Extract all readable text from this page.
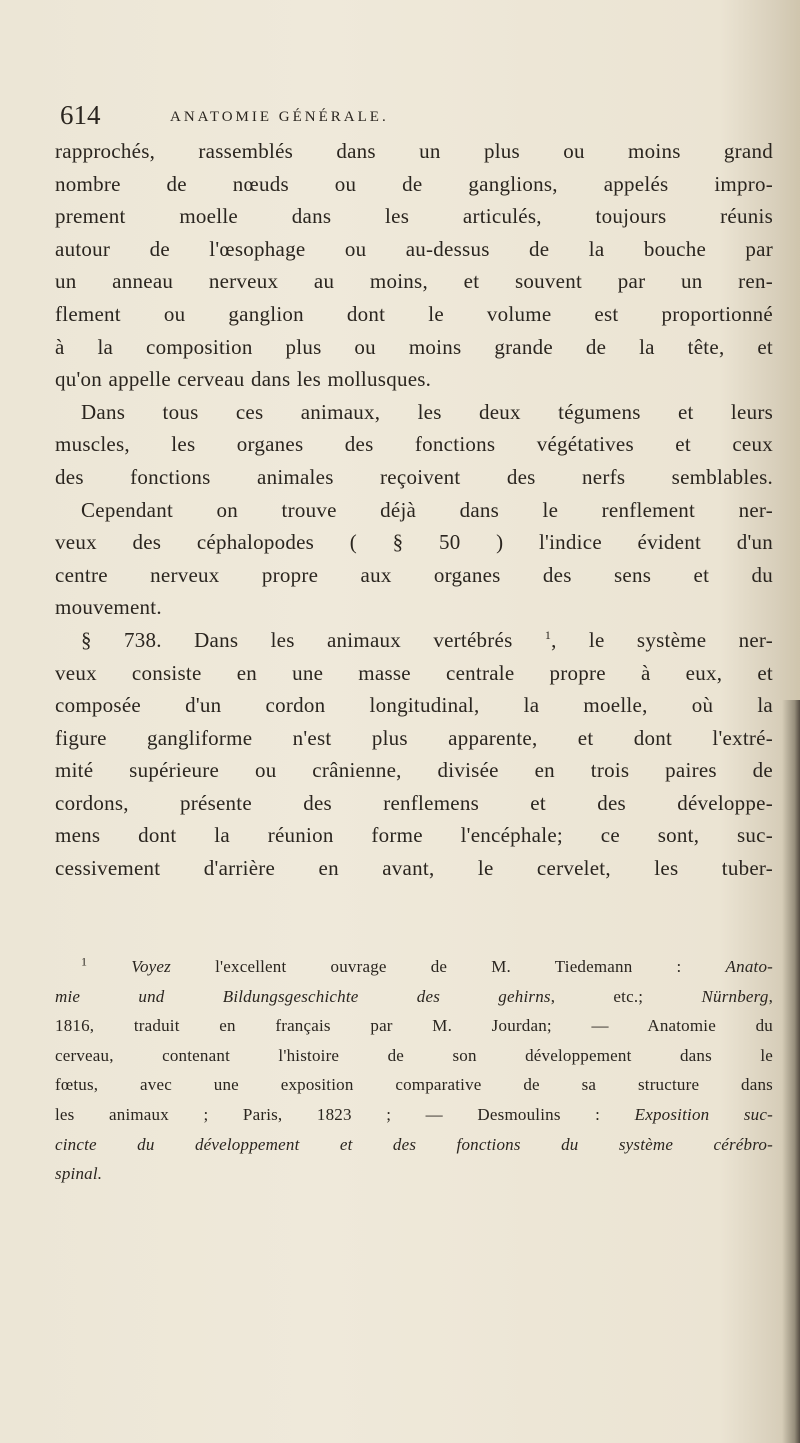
614	ANATOMIE GÉNÉRALE.
rapprochés, rassemblés dans un plus ou moins grand
nombre de nœuds ou de ganglions, appelés impro-
prement moelle dans les articulés, toujours réunis
autour de l'œsophage ou au-dessus de la bouche par
un anneau nerveux au moins, et souvent par un ren-
flement ou ganglion dont le volume est proportionné
à la composition plus ou moins grande de la tête, et
qu'on appelle cerveau dans les mollusques.
Dans tous ces animaux, les deux tégumens et leurs
muscles, les organes des fonctions végétatives et ceux
des fonctions animales reçoivent des nerfs semblables.
Cependant on trouve déjà dans le renflement ner-
veux des céphalopodes ( § 50 ) l'indice évident d'un
centre nerveux propre aux organes des sens et du
mouvement.
§ 738. Dans les animaux vertébrés	$^1$, le système ner-
veux consiste en une masse centrale propre à eux, et
composée d'un cordon longitudinal, la moelle, où la
figure gangliforme n'est plus apparente, et dont l'extré-
mité supérieure ou crânienne, divisée en trois paires de
cordons, présente des renflemens et des développe-
mens dont la réunion forme l'encéphale; ce sont, suc-
cessivement d'arrière en avant, le cervelet, les tuber-
$^1$	Voyez l'excellent ouvrage de M. Tiedemann : Anato-
mie und Bildungsgeschichte des gehirns, etc.; Nürnberg,
1816, traduit en français par M. Jourdan; — Anatomie du
cerveau, contenant l'histoire de son développement dans le
fœtus, avec une exposition comparative de sa structure dans
les animaux ; Paris, 1823 ; — Desmoulins : Exposition suc-
cincte du développement et des fonctions du système cérébro-
spinal.
